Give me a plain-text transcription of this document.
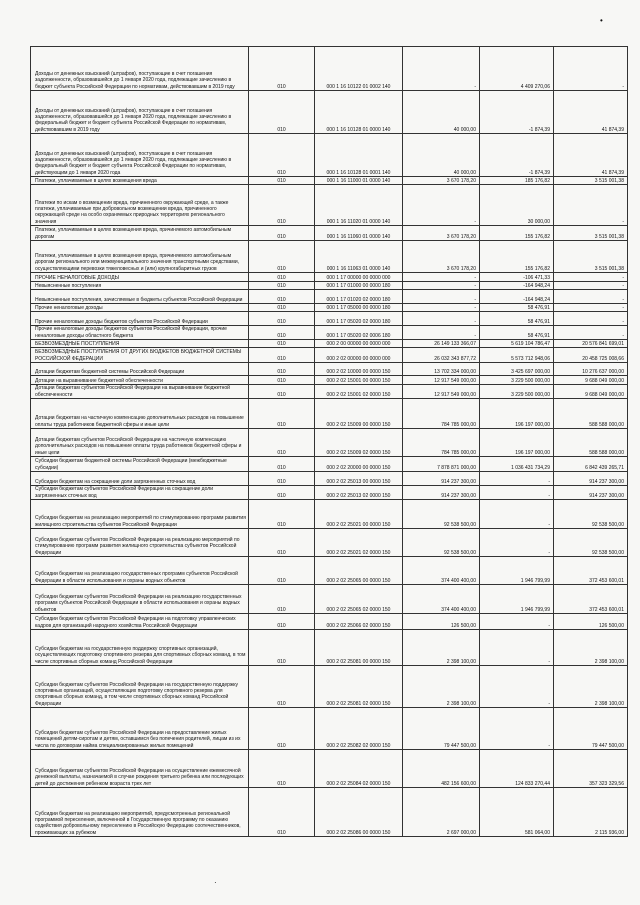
•
·
Доходы от денежных взысканий (штрафов), поступающие в счет погашения задолженности, образовавшейся до 1 января 2020 года, подлежащие зачислению в бюджет субъекта Российской Федерации по нормативам, действовавшим в 2019 году	010	000 1 16 10122 01 0002 140	-	4 409 270,06	-
Доходы от денежных взысканий (штрафов), поступающие в счет погашения задолженности, образовавшейся до 1 января 2020 года, подлежащие зачислению в федеральный бюджет и бюджет субъекта Российской Федерации по нормативам, действовавшим в 2019 году	010	000 1 16 10128 01 0000 140	40 000,00	-1 874,39	41 874,39
Доходы от денежных взысканий (штрафов), поступающие в счет погашения задолженности, образовавшейся до 1 января 2020 года, подлежащие зачислению в федеральный бюджет и бюджет субъекта Российской Федерации по нормативам, действующим до 1 января 2020 года	010	000 1 16 10128 01 0001 140	40 000,00	-1 874,39	41 874,39
Платежи, уплачиваемые в целях возмещения вреда	010	000 1 16 11000 01 0000 140	3 670 178,20	185 176,82	3 515 001,38
Платежи по искам о возмещении вреда, причиненного окружающей среде, а также платежи, уплачиваемые при добровольном возмещении вреда, причиненного окружающей среде на особо охраняемых природных территориях регионального значения	010	000 1 16 11020 01 0000 140	-	30 000,00	-
Платежи, уплачиваемые в целях возмещения вреда, причиняемого автомобильным дорогам	010	000 1 16 11060 01 0000 140	3 670 178,20	155 176,82	3 515 001,38
Платежи, уплачиваемые в целях возмещения вреда, причиняемого автомобильным дорогам регионального или межмуниципального значения транспортными средствами, осуществляющими перевозки тяжеловесных и (или) крупногабаритных грузов	010	000 1 16 11063 01 0000 140	3 670 178,20	155 176,82	3 515 001,38
ПРОЧИЕ НЕНАЛОГОВЫЕ ДОХОДЫ	010	000 1 17 00000 00 0000 000	-	-106 471,33	-
Невыясненные поступления	010	000 1 17 01000 00 0000 180	-	-164 948,24	-
Невыясненные поступления, зачисляемые в бюджеты субъектов Российской Федерации	010	000 1 17 01020 02 0000 180	-	-164 948,24	-
Прочие неналоговые доходы	010	000 1 17 05000 00 0000 180	-	58 476,91	-
Прочие неналоговые доходы бюджетов субъектов Российской Федерации	010	000 1 17 05020 02 0000 180	-	58 476,91	-
Прочие неналоговые доходы бюджетов субъектов Российской Федерации, прочие неналоговые доходы областного бюджета	010	000 1 17 05020 02 0006 180	-	58 476,91	-
БЕЗВОЗМЕЗДНЫЕ ПОСТУПЛЕНИЯ	010	000 2 00 00000 00 0000 000	26 149 133 366,07	5 619 104 786,47	20 576 841 699,01
БЕЗВОЗМЕЗДНЫЕ ПОСТУПЛЕНИЯ ОТ ДРУГИХ БЮДЖЕТОВ БЮДЖЕТНОЙ СИСТЕМЫ РОССИЙСКОЙ ФЕДЕРАЦИИ	010	000 2 02 00000 00 0000 000	26 032 343 877,72	5 573 712 948,06	20 458 725 008,66
Дотации бюджетам бюджетной системы Российской Федерации	010	000 2 02 10000 00 0000 150	13 702 334 000,00	3 425 697 000,00	10 276 637 000,00
Дотации на выравнивание бюджетной обеспеченности	010	000 2 02 15001 00 0000 150	12 917 549 000,00	3 229 500 000,00	9 688 049 000,00
Дотации бюджетам субъектов Российской Федерации на выравнивание бюджетной обеспеченности	010	000 2 02 15001 02 0000 150	12 917 549 000,00	3 229 500 000,00	9 688 049 000,00
Дотации бюджетам на частичную компенсацию дополнительных расходов на повышение оплаты труда работников бюджетной сферы и иные цели	010	000 2 02 15009 00 0000 150	784 785 000,00	196 197 000,00	588 588 000,00
Дотации бюджетам субъектов Российской Федерации на частичную компенсацию дополнительных расходов на повышение оплаты труда работников бюджетной сферы и иные цели	010	000 2 02 15009 02 0000 150	784 785 000,00	196 197 000,00	588 588 000,00
Субсидии бюджетам бюджетной системы Российской Федерации (межбюджетные субсидии)	010	000 2 02 20000 00 0000 150	7 878 871 000,00	1 036 431 734,29	6 842 439 265,71
Субсидии бюджетам на сокращение доли загрязненных сточных вод	010	000 2 02 25013 00 0000 150	914 237 300,00	-	914 237 300,00
Субсидии бюджетам субъектов Российской Федерации на сокращение доли загрязненных сточных вод	010	000 2 02 25013 02 0000 150	914 237 300,00	-	914 237 300,00
Субсидии бюджетам на реализацию мероприятий по стимулированию программ развития жилищного строительства субъектов Российской Федерации	010	000 2 02 25021 00 0000 150	92 538 500,00	-	92 538 500,00
Субсидии бюджетам субъектов Российской Федерации на реализацию мероприятий по стимулированию программ развития жилищного строительства субъектов Российской Федерации	010	000 2 02 25021 02 0000 150	92 538 500,00	-	92 538 500,00
Субсидии бюджетам на реализацию государственных программ субъектов Российской Федерации в области использования и охраны водных объектов	010	000 2 02 25065 00 0000 150	374 400 400,00	1 946 799,99	372 453 600,01
Субсидии бюджетам субъектов Российской Федерации на реализацию государственных программ субъектов Российской Федерации в области использования и охраны водных объектов	010	000 2 02 25065 02 0000 150	374 400 400,00	1 946 799,99	372 453 600,01
Субсидии бюджетам субъектов Российской Федерации на подготовку управленческих кадров для организаций народного хозяйства Российской Федерации	010	000 2 02 25066 02 0000 150	126 500,00	-	126 500,00
Субсидии бюджетам на государственную поддержку спортивных организаций, осуществляющих подготовку спортивного резерва для спортивных сборных команд, в том числе спортивных сборных команд Российской Федерации	010	000 2 02 25081 00 0000 150	2 398 100,00	-	2 398 100,00
Субсидии бюджетам субъектов Российской Федерации на государственную поддержку спортивных организаций, осуществляющих подготовку спортивного резерва для спортивных сборных команд, в том числе спортивных сборных команд Российской Федерации	010	000 2 02 25081 02 0000 150	2 398 100,00	-	2 398 100,00
Субсидии бюджетам субъектов Российской Федерации на предоставление жилых помещений детям-сиротам и детям, оставшимся без попечения родителей, лицам из их числа по договорам найма специализированных жилых помещений	010	000 2 02 25082 02 0000 150	79 447 500,00	-	79 447 500,00
Субсидии бюджетам субъектов Российской Федерации на осуществление ежемесячной денежной выплаты, назначаемой в случае рождения третьего ребенка или последующих детей до достижения ребенком возраста трех лет	010	000 2 02 25084 02 0000 150	482 156 600,00	124 833 270,44	357 323 329,56
Субсидии бюджетам на реализацию мероприятий, предусмотренных региональной программой переселения, включенной в Государственную программу по оказанию содействия добровольному переселению в Российскую Федерацию соотечественников, проживающих за рубежом	010	000 2 02 25086 00 0000 150	2 697 000,00	581 064,00	2 115 936,00
